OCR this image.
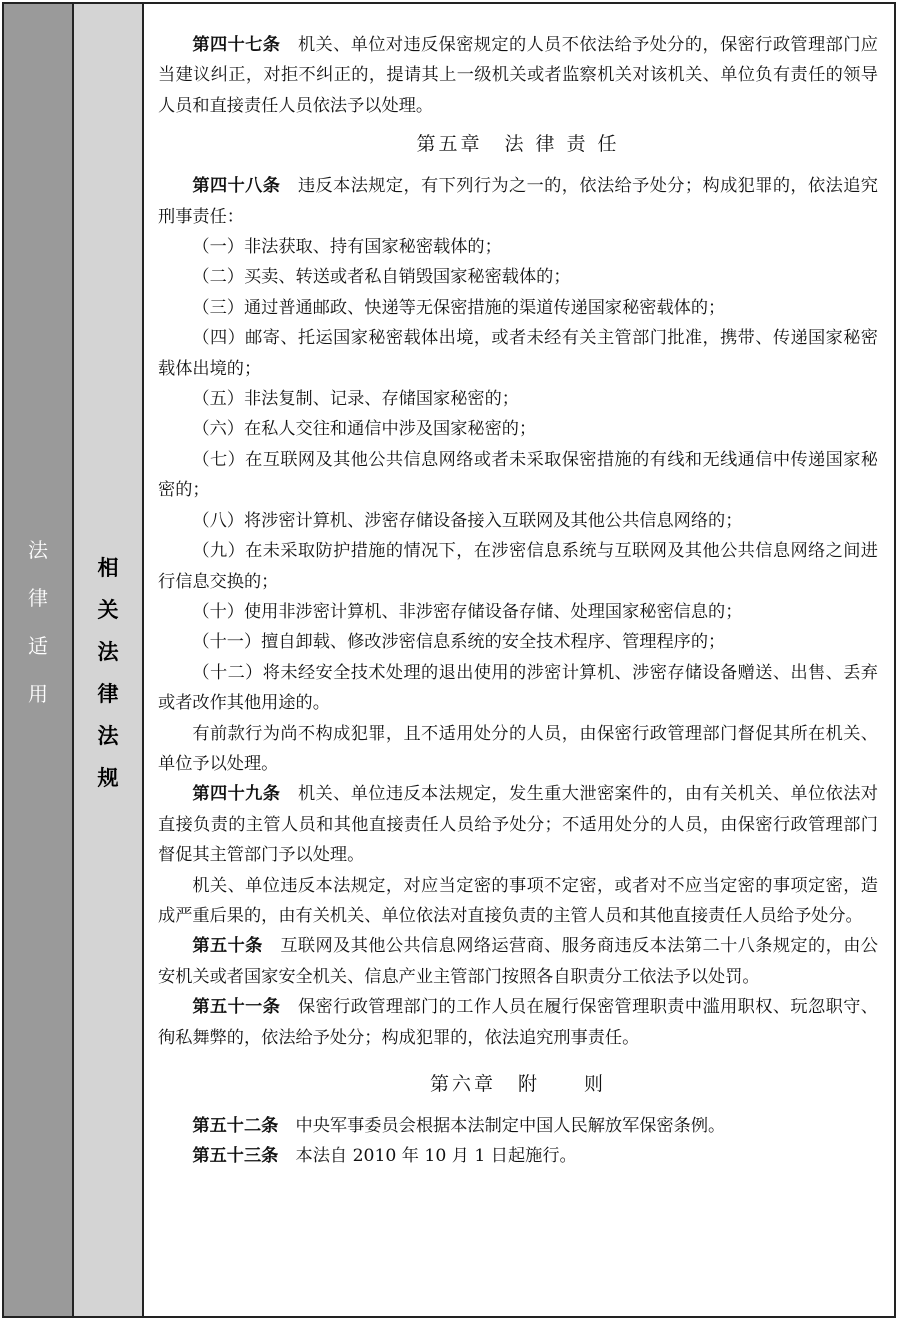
法
律
适
用
相
关
法
律
法
规

第四十七条　 机关、单位对违反保密规定的人员不依法给予处分的，保密行政管理部门应当建议纠正，对拒不纠正的，提请其上一级机关或者监察机关对该机关、单位负有责任的领导人员和直接责任人员依法予以处理。

第五章　法 律 责 任

第四十八条　 违反本法规定，有下列行为之一的，依法给予处分；构成犯罪的，依法追究刑事责任：

（一）非法获取、持有国家秘密载体的；

（二）买卖、转送或者私自销毁国家秘密载体的；

（三）通过普通邮政、快递等无保密措施的渠道传递国家秘密载体的；

（四）邮寄、托运国家秘密载体出境，或者未经有关主管部门批准，携带、传递国家秘密载体出境的；

（五）非法复制、记录、存储国家秘密的；

（六）在私人交往和通信中涉及国家秘密的；

（七）在互联网及其他公共信息网络或者未采取保密措施的有线和无线通信中传递国家秘密的；

（八）将涉密计算机、涉密存储设备接入互联网及其他公共信息网络的；

（九）在未采取防护措施的情况下，在涉密信息系统与互联网及其他公共信息网络之间进行信息交换的；

（十）使用非涉密计算机、非涉密存储设备存储、处理国家秘密信息的；

（十一）擅自卸载、修改涉密信息系统的安全技术程序、管理程序的；

（十二）将未经安全技术处理的退出使用的涉密计算机、涉密存储设备赠送、出售、丢弃或者改作其他用途的。

有前款行为尚不构成犯罪，且不适用处分的人员，由保密行政管理部门督促其所在机关、单位予以处理。

第四十九条　 机关、单位违反本法规定，发生重大泄密案件的，由有关机关、单位依法对直接负责的主管人员和其他直接责任人员给予处分；不适用处分的人员，由保密行政管理部门督促其主管部门予以处理。

机关、单位违反本法规定，对应当定密的事项不定密，或者对不应当定密的事项定密，造成严重后果的，由有关机关、单位依法对直接负责的主管人员和其他直接责任人员给予处分。

第五十条　 互联网及其他公共信息网络运营商、服务商违反本法第二十八条规定的，由公安机关或者国家安全机关、信息产业主管部门按照各自职责分工依法予以处罚。

第五十一条　 保密行政管理部门的工作人员在履行保密管理职责中滥用职权、玩忽职守、徇私舞弊的，依法给予处分；构成犯罪的，依法追究刑事责任。

第六章　附　　则

第五十二条　 中央军事委员会根据本法制定中国人民解放军保密条例。

第五十三条　 本法自 2010 年 10 月 1 日起施行。
